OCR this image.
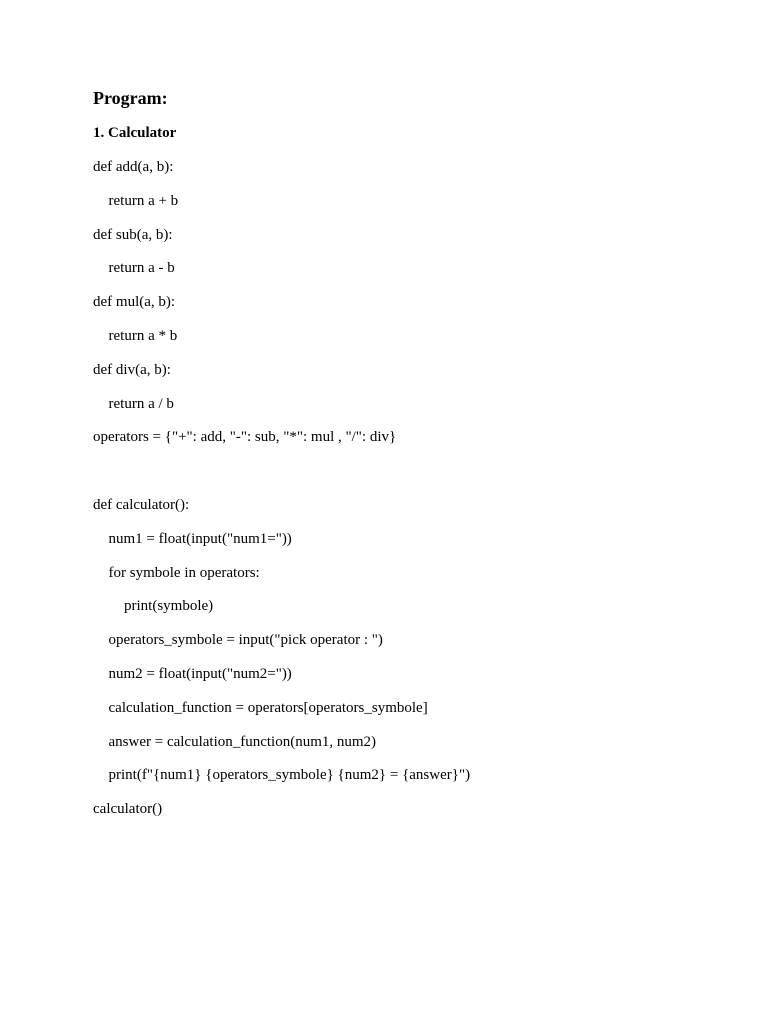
Program:
1. Calculator
def add(a, b):
return a + b
def sub(a, b):
return a - b
def mul(a, b):
return a * b
def div(a, b):
return a / b
operators = {"+": add, "-": sub, "*": mul , "/": div}
def calculator():
num1 = float(input("num1="))
for symbole in operators:
print(symbole)
operators_symbole = input("pick operator : ")
num2 = float(input("num2="))
calculation_function = operators[operators_symbole]
answer = calculation_function(num1, num2)
print(f"{num1} {operators_symbole} {num2} = {answer}")
calculator()
